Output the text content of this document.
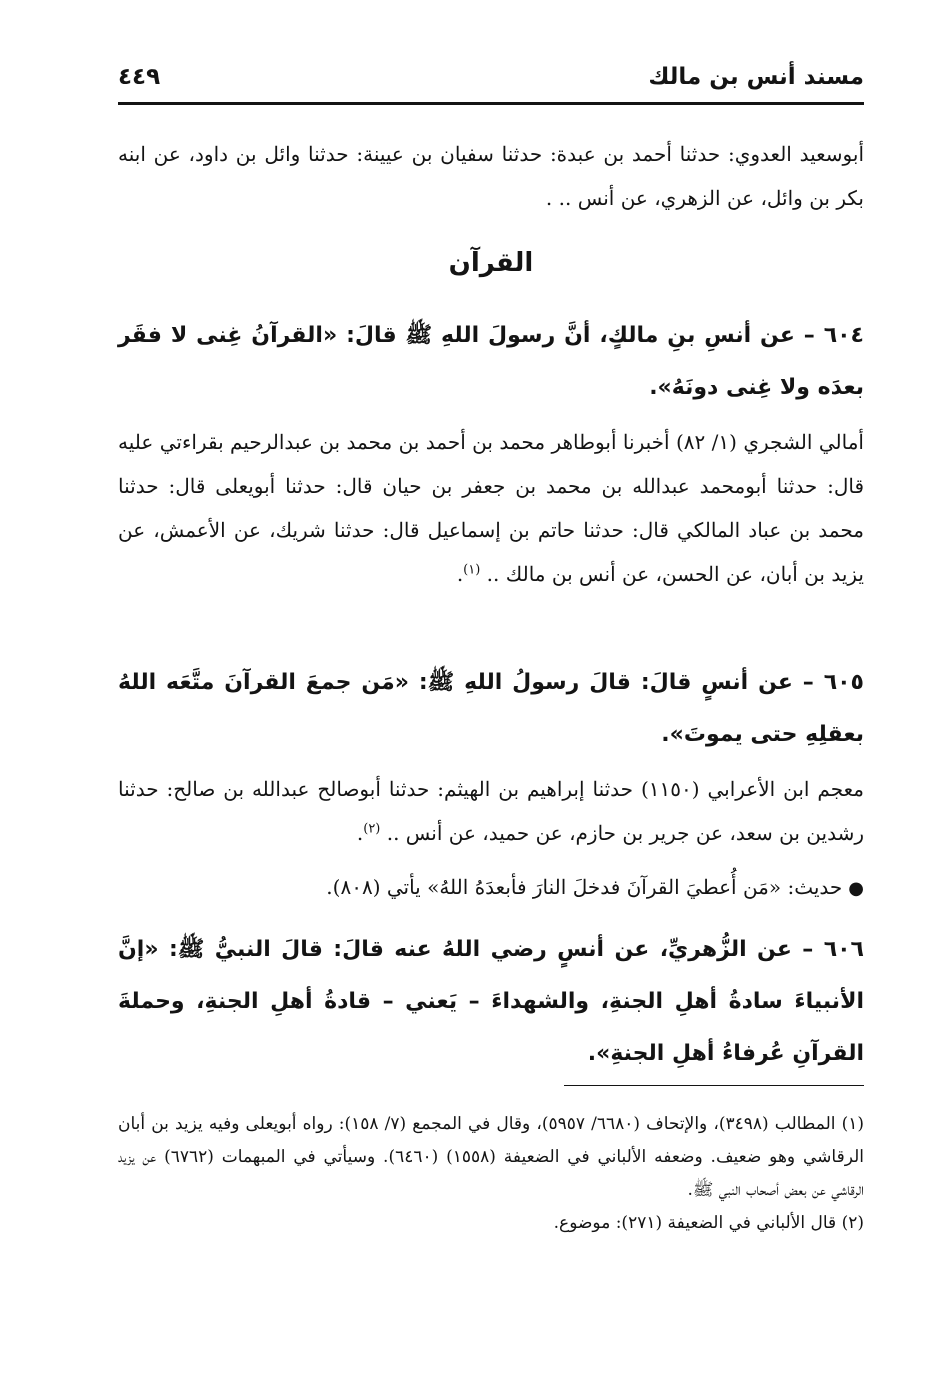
مسند أنس بن مالك
٤٤٩
أبوسعيد العدوي: حدثنا أحمد بن عبدة: حدثنا سفيان بن عيينة: حدثنا وائل بن داود، عن ابنه بكر بن وائل، عن الزهري، عن أنس .. .
القرآن
٦٠٤ – عن أنسِ بنِ مالكٍ، أنَّ رسولَ اللهِ ﷺ قالَ: «القرآنُ غِنى لا فقَر بعدَه ولا غِنى دونَهُ».
أمالي الشجري (١/ ٨٢) أخبرنا أبوطاهر محمد بن أحمد بن محمد بن عبدالرحيم بقراءتي عليه قال: حدثنا أبومحمد عبدالله بن محمد بن جعفر بن حيان قال: حدثنا أبويعلى قال: حدثنا محمد بن عباد المالكي قال: حدثنا حاتم بن إسماعيل قال: حدثنا شريك، عن الأعمش، عن يزيد بن أبان، عن الحسن، عن أنس بن مالك .. $^{(١)}$.
٦٠٥ – عن أنسٍ قالَ: قالَ رسولُ اللهِ ﷺ: «مَن جمعَ القرآنَ متَّعَه اللهُ بعقلِهِ حتى يموتَ».
معجم ابن الأعرابي (١١٥٠) حدثنا إبراهيم بن الهيثم: حدثنا أبوصالح عبدالله بن صالح: حدثنا رشدين بن سعد، عن جرير بن حازم، عن حميد، عن أنس .. $^{(٢)}$.
●حديث: «مَن أُعطيَ القرآنَ فدخلَ النارَ فأبعدَهُ اللهُ» يأتي (٨٠٨).
٦٠٦ – عن الزُّهريِّ، عن أنسٍ رضي اللهُ عنه قالَ: قالَ النبيُّ ﷺ: «إنَّ الأنبياءَ سادةُ أهلِ الجنةِ، والشهداءَ – يَعني – قادةُ أهلِ الجنةِ، وحملةَ القرآنِ عُرفاءُ أهلِ الجنةِ».

(١) المطالب (٣٤٩٨)، والإتحاف (٦٦٨٠/ ٥٩٥٧)، وقال في المجمع (٧/ ١٥٨): رواه أبويعلى وفيه يزيد بن أبان الرقاشي وهو ضعيف. وضعفه الألباني في الضعيفة (١٥٥٨) (٦٤٦٠). وسيأتي في المبهمات (٦٧٦٢) عن يزيد الرقاشي عن بعض أصحاب النبي ﷺ.

(٢) قال الألباني في الضعيفة (٢٧١): موضوع.
